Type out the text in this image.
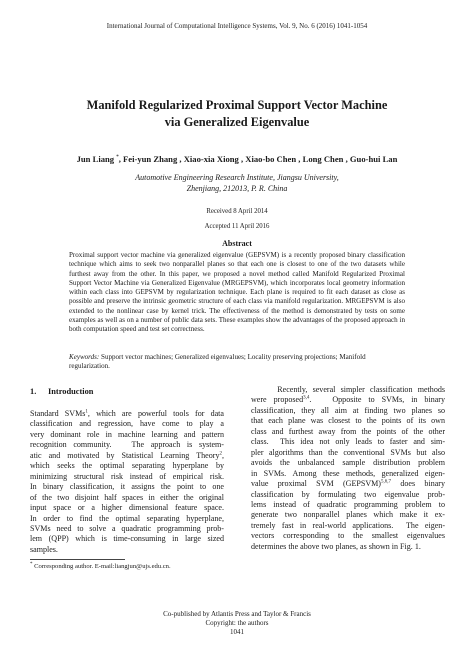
International Journal of Computational Intelligence Systems, Vol. 9, No. 6 (2016) 1041-1054
Manifold Regularized Proximal Support Vector Machine
via Generalized Eigenvalue
Jun Liang *, Fei-yun Zhang , Xiao-xia Xiong , Xiao-bo Chen , Long Chen , Guo-hui Lan
Automotive Engineering Research Institute, Jiangsu University,
Zhenjiang, 212013, P. R. China
Received 8 April 2014
Accepted 11 April 2016
Abstract
Proximal support vector machine via generalized eigenvalue (GEPSVM) is a recently proposed binary classification technique which aims to seek two nonparallel planes so that each one is closest to one of the two datasets while furthest away from the other. In this paper, we proposed a novel method called Manifold Regularized Proximal Support Vector Machine via Generalized Eigenvalue (MRGEPSVM), which incorporates local geometry information within each class into GEPSVM by regularization technique. Each plane is required to fit each dataset as close as possible and preserve the intrinsic geometric structure of each class via manifold regularization. MRGEPSVM is also extended to the nonlinear case by kernel trick. The effectiveness of the method is demonstrated by tests on some examples as well as on a number of public data sets. These examples show the advantages of the proposed approach in both computation speed and test set correctness.
Keywords: Support vector machines; Generalized eigenvalues; Locality preserving projections; Manifold regularization.
1. Introduction
Standard SVMs$^1$, which are powerful tools for data
classification and regression, have come to play a
very dominant role in machine learning and pattern
recognition community.   The approach is system-
atic and motivated by Statistical Learning Theory$^2$,
which seeks the optimal separating hyperplane by
minimizing structural risk instead of empirical risk.
In binary classification, it assigns the point to one
of the two disjoint half spaces in either the original
input space or a higher dimensional feature space.
In order to find the optimal separating hyperplane,
SVMs need to solve a quadratic programming prob-
lem (QPP) which is time-consuming in large sized
samples.
Recently, several simpler classification methods
were proposed$^{3,4}$.   Opposite to SVMs, in binary
classification, they all aim at finding two planes so
that each plane was closest to the points of its own
class and furthest away from the points of the other
class.  This idea not only leads to faster and sim-
pler algorithms than the conventional SVMs but also
avoids the unbalanced sample distribution problem
in SVMs. Among these methods, generalized eigen-
value proximal SVM (GEPSVM)$^{5,6,7}$ does binary
classification by formulating two eigenvalue prob-
lems instead of quadratic programming problem to
generate two nonparallel planes which make it ex-
tremely fast in real-world applications.  The eigen-
vectors corresponding to the smallest eigenvalues
determines the above two planes, as shown in Fig. 1.
* Corresponding author. E-mail:liangjun@ujs.edu.cn.
Co-published by Atlantis Press and Taylor & Francis
Copyright: the authors
1041
